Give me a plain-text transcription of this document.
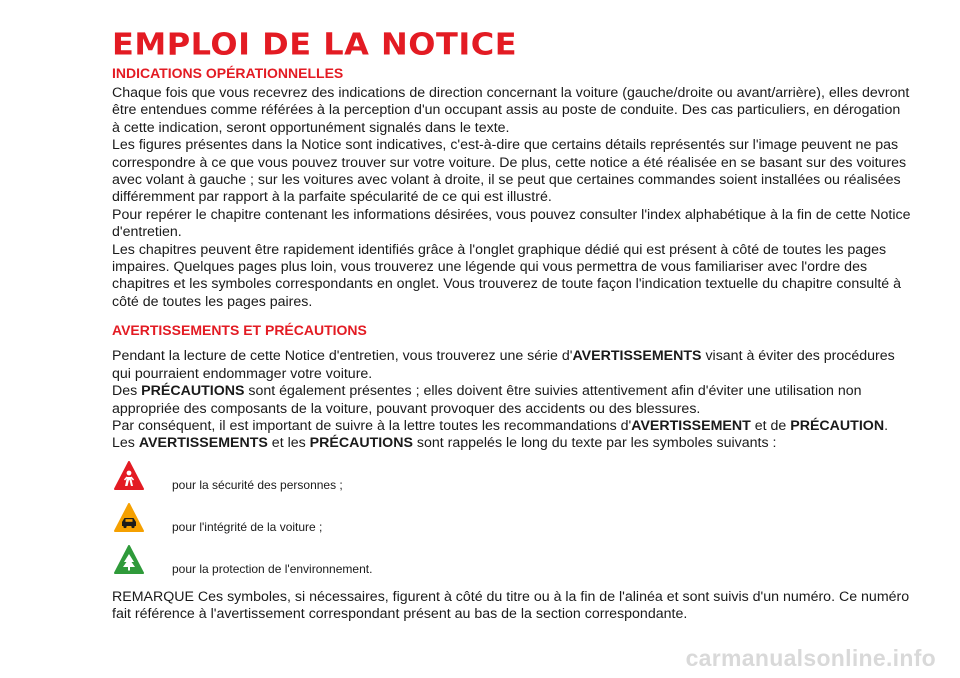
EMPLOI DE LA NOTICE
INDICATIONS OPÉRATIONNELLES

Chaque fois que vous recevrez des indications de direction concernant la voiture (gauche/droite ou avant/arrière), elles devront être entendues comme référées à la perception d'un occupant assis au poste de conduite. Des cas particuliers, en dérogation à cette indication, seront opportunément signalés dans le texte.

Les figures présentes dans la Notice sont indicatives, c'est-à-dire que certains détails représentés sur l'image peuvent ne pas correspondre à ce que vous pouvez trouver sur votre voiture. De plus, cette notice a été réalisée en se basant sur des voitures avec volant à gauche ; sur les voitures avec volant à droite, il se peut que certaines commandes soient installées ou réalisées différemment par rapport à la parfaite spécularité de ce qui est illustré.

Pour repérer le chapitre contenant les informations désirées, vous pouvez consulter l'index alphabétique à la fin de cette Notice d'entretien.

Les chapitres peuvent être rapidement identifiés grâce à l'onglet graphique dédié qui est présent à côté de toutes les pages impaires. Quelques pages plus loin, vous trouverez une légende qui vous permettra de vous familiariser avec l'ordre des chapitres et les symboles correspondants en onglet. Vous trouverez de toute façon l'indication textuelle du chapitre consulté à côté de toutes les pages paires.

AVERTISSEMENTS ET PRÉCAUTIONS

Pendant la lecture de cette Notice d'entretien, vous trouverez une série d'AVERTISSEMENTS visant à éviter des procédures qui pourraient endommager votre voiture.

Des PRÉCAUTIONS sont également présentes ; elles doivent être suivies attentivement afin d'éviter une utilisation non appropriée des composants de la voiture, pouvant provoquer des accidents ou des blessures.

Par conséquent, il est important de suivre à la lettre toutes les recommandations d'AVERTISSEMENT et de PRÉCAUTION.

Les AVERTISSEMENTS et les PRÉCAUTIONS sont rappelés le long du texte par les symboles suivants :

pour la sécurité des personnes ;
pour l'intégrité de la voiture ;
pour la protection de l'environnement.

REMARQUE Ces symboles, si nécessaires, figurent à côté du titre ou à la fin de l'alinéa et sont suivis d'un numéro. Ce numéro fait référence à l'avertissement correspondant présent au bas de la section correspondante.

carmanualsonline.info
